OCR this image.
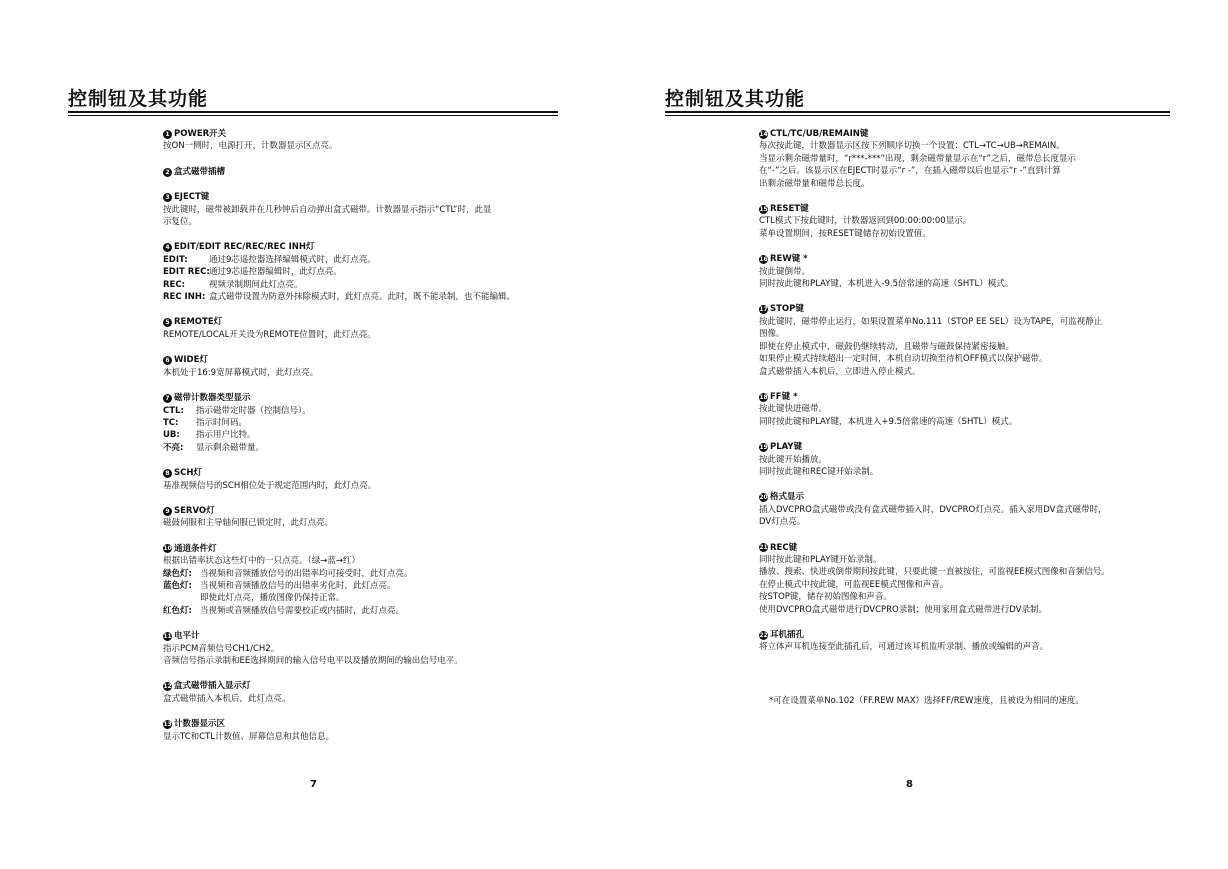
控制钮及其功能
1 POWER开关
按ON一侧时，电源打开，计数器显示区点亮。
2 盒式磁带插槽
3 EJECT键
按此键时，磁带被卸载并在几秒钟后自动弹出盒式磁带。计数器显示指示“CTL”时，此显
示复位。
4 EDIT/EDIT REC/REC/REC INH灯
EDIT:	通过9芯遥控器选择编辑模式时，此灯点亮。
EDIT REC: 通过9芯遥控器编辑时，此灯点亮。
REC:	视频录制期间此灯点亮。
REC INH: 盒式磁带设置为防意外抹除模式时，此灯点亮。此时，既不能录制，也不能编辑。
5 REMOTE灯
REMOTE/LOCAL开关设为REMOTE位置时，此灯点亮。
6 WIDE灯
本机处于16:9宽屏幕模式时，此灯点亮。
7 磁带计数器类型显示
CTL:	指示磁带定时器（控制信号）。
TC:	指示时间码。
UB:	指示用户比特。
不亮:	显示剩余磁带量。
8 SCH灯
基准视频信号的SCH相位处于规定范围内时，此灯点亮。
9 SERVO灯
磁鼓伺服和主导轴伺服已锁定时，此灯点亮。
10 通道条件灯
根据出错率状态这些灯中的一只点亮。（绿→蓝→红）
绿色灯: 当视频和音频播放信号的出错率均可接受时，此灯点亮。
蓝色灯: 当视频和音频播放信号的出错率劣化时，此灯点亮。
即使此灯点亮，播放图像仍保持正常。
红色灯: 当视频或音频播放信号需要校正或内插时，此灯点亮。
11 电平计
指示PCM音频信号CH1/CH2。
音频信号指示录制和EE选择期间的输入信号电平以及播放期间的输出信号电平。
12 盒式磁带插入显示灯
盒式磁带插入本机后，此灯点亮。
13 计数器显示区
显示TC和CTL计数值、屏幕信息和其他信息。
7
控制钮及其功能
14 CTL/TC/UB/REMAIN键
每次按此键，计数器显示区按下列顺序切换一个设置：CTL→TC→UB→REMAIN。
当显示剩余磁带量时，“r***-***”出现，剩余磁带量显示在“r”之后，磁带总长度显示
在“-”之后。该显示区在EJECT时显示“r -”，在插入磁带以后也显示“r -”直到计算
出剩余磁带量和磁带总长度。
15 RESET键
CTL模式下按此键时，计数器返回到00:00:00:00显示。
菜单设置期间，按RESET键储存初始设置值。
16 REW键 *
按此键倒带。
同时按此键和PLAY键，本机进入-9.5倍常速的高速（SHTL）模式。
17 STOP键
按此键时，磁带停止运行，如果设置菜单No.111（STOP EE SEL）设为TAPE，可监视静止
图像。
即使在停止模式中，磁鼓仍继续转动，且磁带与磁鼓保持紧密接触。
如果停止模式持续超出一定时间，本机自动切换至待机OFF模式以保护磁带。
盒式磁带插入本机后，立即进入停止模式。
18 FF键 *
按此键快进磁带。
同时按此键和PLAY键，本机进入+9.5倍常速的高速（SHTL）模式。
19 PLAY键
按此键开始播放。
同时按此键和REC键开始录制。
20 格式显示
插入DVCPRO盒式磁带或没有盒式磁带插入时，DVCPRO灯点亮。插入家用DV盒式磁带时，
DV灯点亮。
21 REC键
同时按此键和PLAY键开始录制。
播放、搜索、快进或倒带期间按此键，只要此键一直被按住，可监视EE模式图像和音频信号。
在停止模式中按此键，可监视EE模式图像和声音。
按STOP键，储存初始图像和声音。
使用DVCPRO盒式磁带进行DVCPRO录制；使用家用盒式磁带进行DV录制。
22 耳机插孔
将立体声耳机连接至此插孔后，可通过该耳机监听录制、播放或编辑的声音。
*可在设置菜单No.102（FF.REW MAX）选择FF/REW速度，且被设为相同的速度。
8
